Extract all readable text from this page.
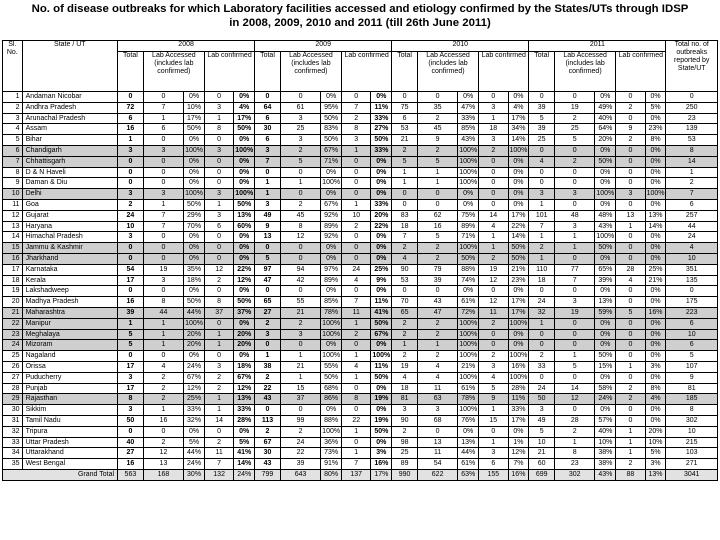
No. of disease outbreaks for which Laboratory facilities accessed and etiology confirmed by the States/UTs through IDSP
in 2008, 2009, 2010 and 2011 (till 26th June 2011)
Sl. No.	State / UT	2008					2009					2010					2011					Total no. of outbreaks reported by State/UT
		Total	Lab Accessed (includes lab confirmed)		Lab confirmed		Total	Lab Accessed (includes lab confirmed)		Lab confirmed		Total	Lab Accessed (includes lab confirmed)		Lab confirmed		Total	Lab Accessed (includes lab confirmed)		Lab confirmed		
1	Andaman Nicobar	0	0	0%	0	0%	0	0	0%	0	0%	0	0	0%	0	0%	0	0	0%	0	0%	0
2	Andhra Pradesh	72	7	10%	3	4%	64	61	95%	7	11%	75	35	47%	3	4%	39	19	49%	2	5%	250
3	Arunachal Pradesh	6	1	17%	1	17%	6	3	50%	2	33%	6	2	33%	1	17%	5	2	40%	0	0%	23
4	Assam	16	6	50%	8	50%	30	25	83%	8	27%	53	45	85%	18	34%	39	25	64%	9	23%	139
5	Bihar	1	0	0%	0	0%	6	3	50%	3	50%	21	9	43%	3	14%	25	5	20%	2	8%	53
6	Chandigarh	3	3	100%	3	100%	3	2	67%	1	33%	2	2	100%	2	100%	0	0	0%	0	0%	8
7	Chhattisgarh	0	0	0%	0	0%	7	5	71%	0	0%	5	5	100%	0	0%	4	2	50%	0	0%	14
8	D & N Haveli	0	0	0%	0	0%	0	0	0%	0	0%	1	1	100%	0	0%	0	0	0%	0	0%	1
9	Daman & Diu	0	0	0%	0	0%	1	1	100%	0	0%	1	1	100%	0	0%	0	0	0%	0	0%	2
10	Delhi	3	3	100%	3	100%	1	0	0%	0	0%	0	0	0%	0	0%	3	3	100%	3	100%	7
11	Goa	2	1	50%	1	50%	3	2	67%	1	33%	0	0	0%	0	0%	1	0	0%	0	0%	6
12	Gujarat	24	7	29%	3	13%	49	45	92%	10	20%	83	62	75%	14	17%	101	48	48%	13	13%	257
13	Haryana	10	7	70%	6	60%	9	8	89%	2	22%	18	16	89%	4	22%	7	3	43%	1	14%	44
14	Himachal Pradesh	3	0	0%	0	0%	13	12	92%	0	0%	7	5	71%	1	14%	1	1	100%	0	0%	24
15	Jammu & Kashmir	0	0	0%	0	0%	0	0	0%	0	0%	2	2	100%	1	50%	2	1	50%	0	0%	4
16	Jharkhand	0	0	0%	0	0%	5	0	0%	0	0%	4	2	50%	2	50%	1	0	0%	0	0%	10
17	Karnataka	54	19	35%	12	22%	97	94	97%	24	25%	90	79	88%	19	21%	110	77	65%	28	25%	351
18	Kerala	17	3	18%	2	12%	47	42	89%	4	9%	53	39	74%	12	23%	18	7	39%	4	21%	135
19	Lakshadweep	0	0	0%	0	0%	0	0	0%	0	0%	0	0	0%	0	0%	0	0	0%	0	0%	0
20	Madhya Pradesh	16	8	50%	8	50%	65	55	85%	7	11%	70	43	61%	12	17%	24	3	13%	0	0%	175
21	Maharashtra	39	44	44%	37	37%	27	21	78%	11	41%	65	47	72%	11	17%	32	19	59%	5	16%	223
22	Manipur	1	1	100%	0	0%	2	2	100%	1	50%	2	2	100%	2	100%	1	0	0%	0	0%	6
23	Meghalaya	5	1	20%	1	20%	3	3	100%	2	67%	2	2	100%	0	0%	0	0	0%	0	0%	10
24	Mizoram	5	1	20%	1	20%	0	0	0%	0	0%	1	1	100%	0	0%	0	0	0%	0	0%	6
25	Nagaland	0	0	0%	0	0%	1	1	100%	1	100%	2	2	100%	2	100%	2	1	50%	0	0%	5
26	Orissa	17	4	24%	3	18%	38	21	55%	4	11%	19	4	21%	3	16%	33	5	15%	1	3%	107
27	Puducherry	3	2	67%	2	67%	2	1	50%	1	50%	4	4	100%	4	100%	0	0	0%	0	0%	9
28	Punjab	17	2	12%	2	12%	22	15	68%	0	0%	18	11	61%	5	28%	24	14	58%	2	8%	81
29	Rajasthan	8	2	25%	1	13%	43	37	86%	8	19%	81	63	78%	9	11%	50	12	24%	2	4%	185
30	Sikkim	3	1	33%	1	33%	0	0	0%	0	0%	3	3	100%	1	33%	3	0	0%	0	0%	8
31	Tamil Nadu	50	16	32%	14	28%	113	99	88%	22	19%	90	68	76%	15	17%	49	28	57%	0	0%	302
32	Tripura	0	0	0%	0	0%	2	2	100%	1	50%	2	0	0%	0	0%	5	2	40%	1	20%	10
33	Uttar Pradesh	40	2	5%	2	5%	67	24	36%	0	0%	98	13	13%	1	1%	10	1	10%	1	10%	215
34	Uttarakhand	27	12	44%	11	41%	30	22	73%	1	3%	25	11	44%	3	12%	21	8	38%	1	5%	103
35	West Bengal	16	13	24%	7	14%	43	39	91%	7	16%	89	54	61%	6	7%	60	23	38%	2	3%	271
Grand Total		563	168	30%	132	24%	799	643	80%	137	17%	990	622	63%	155	16%	699	302	43%	88	13%	3041
